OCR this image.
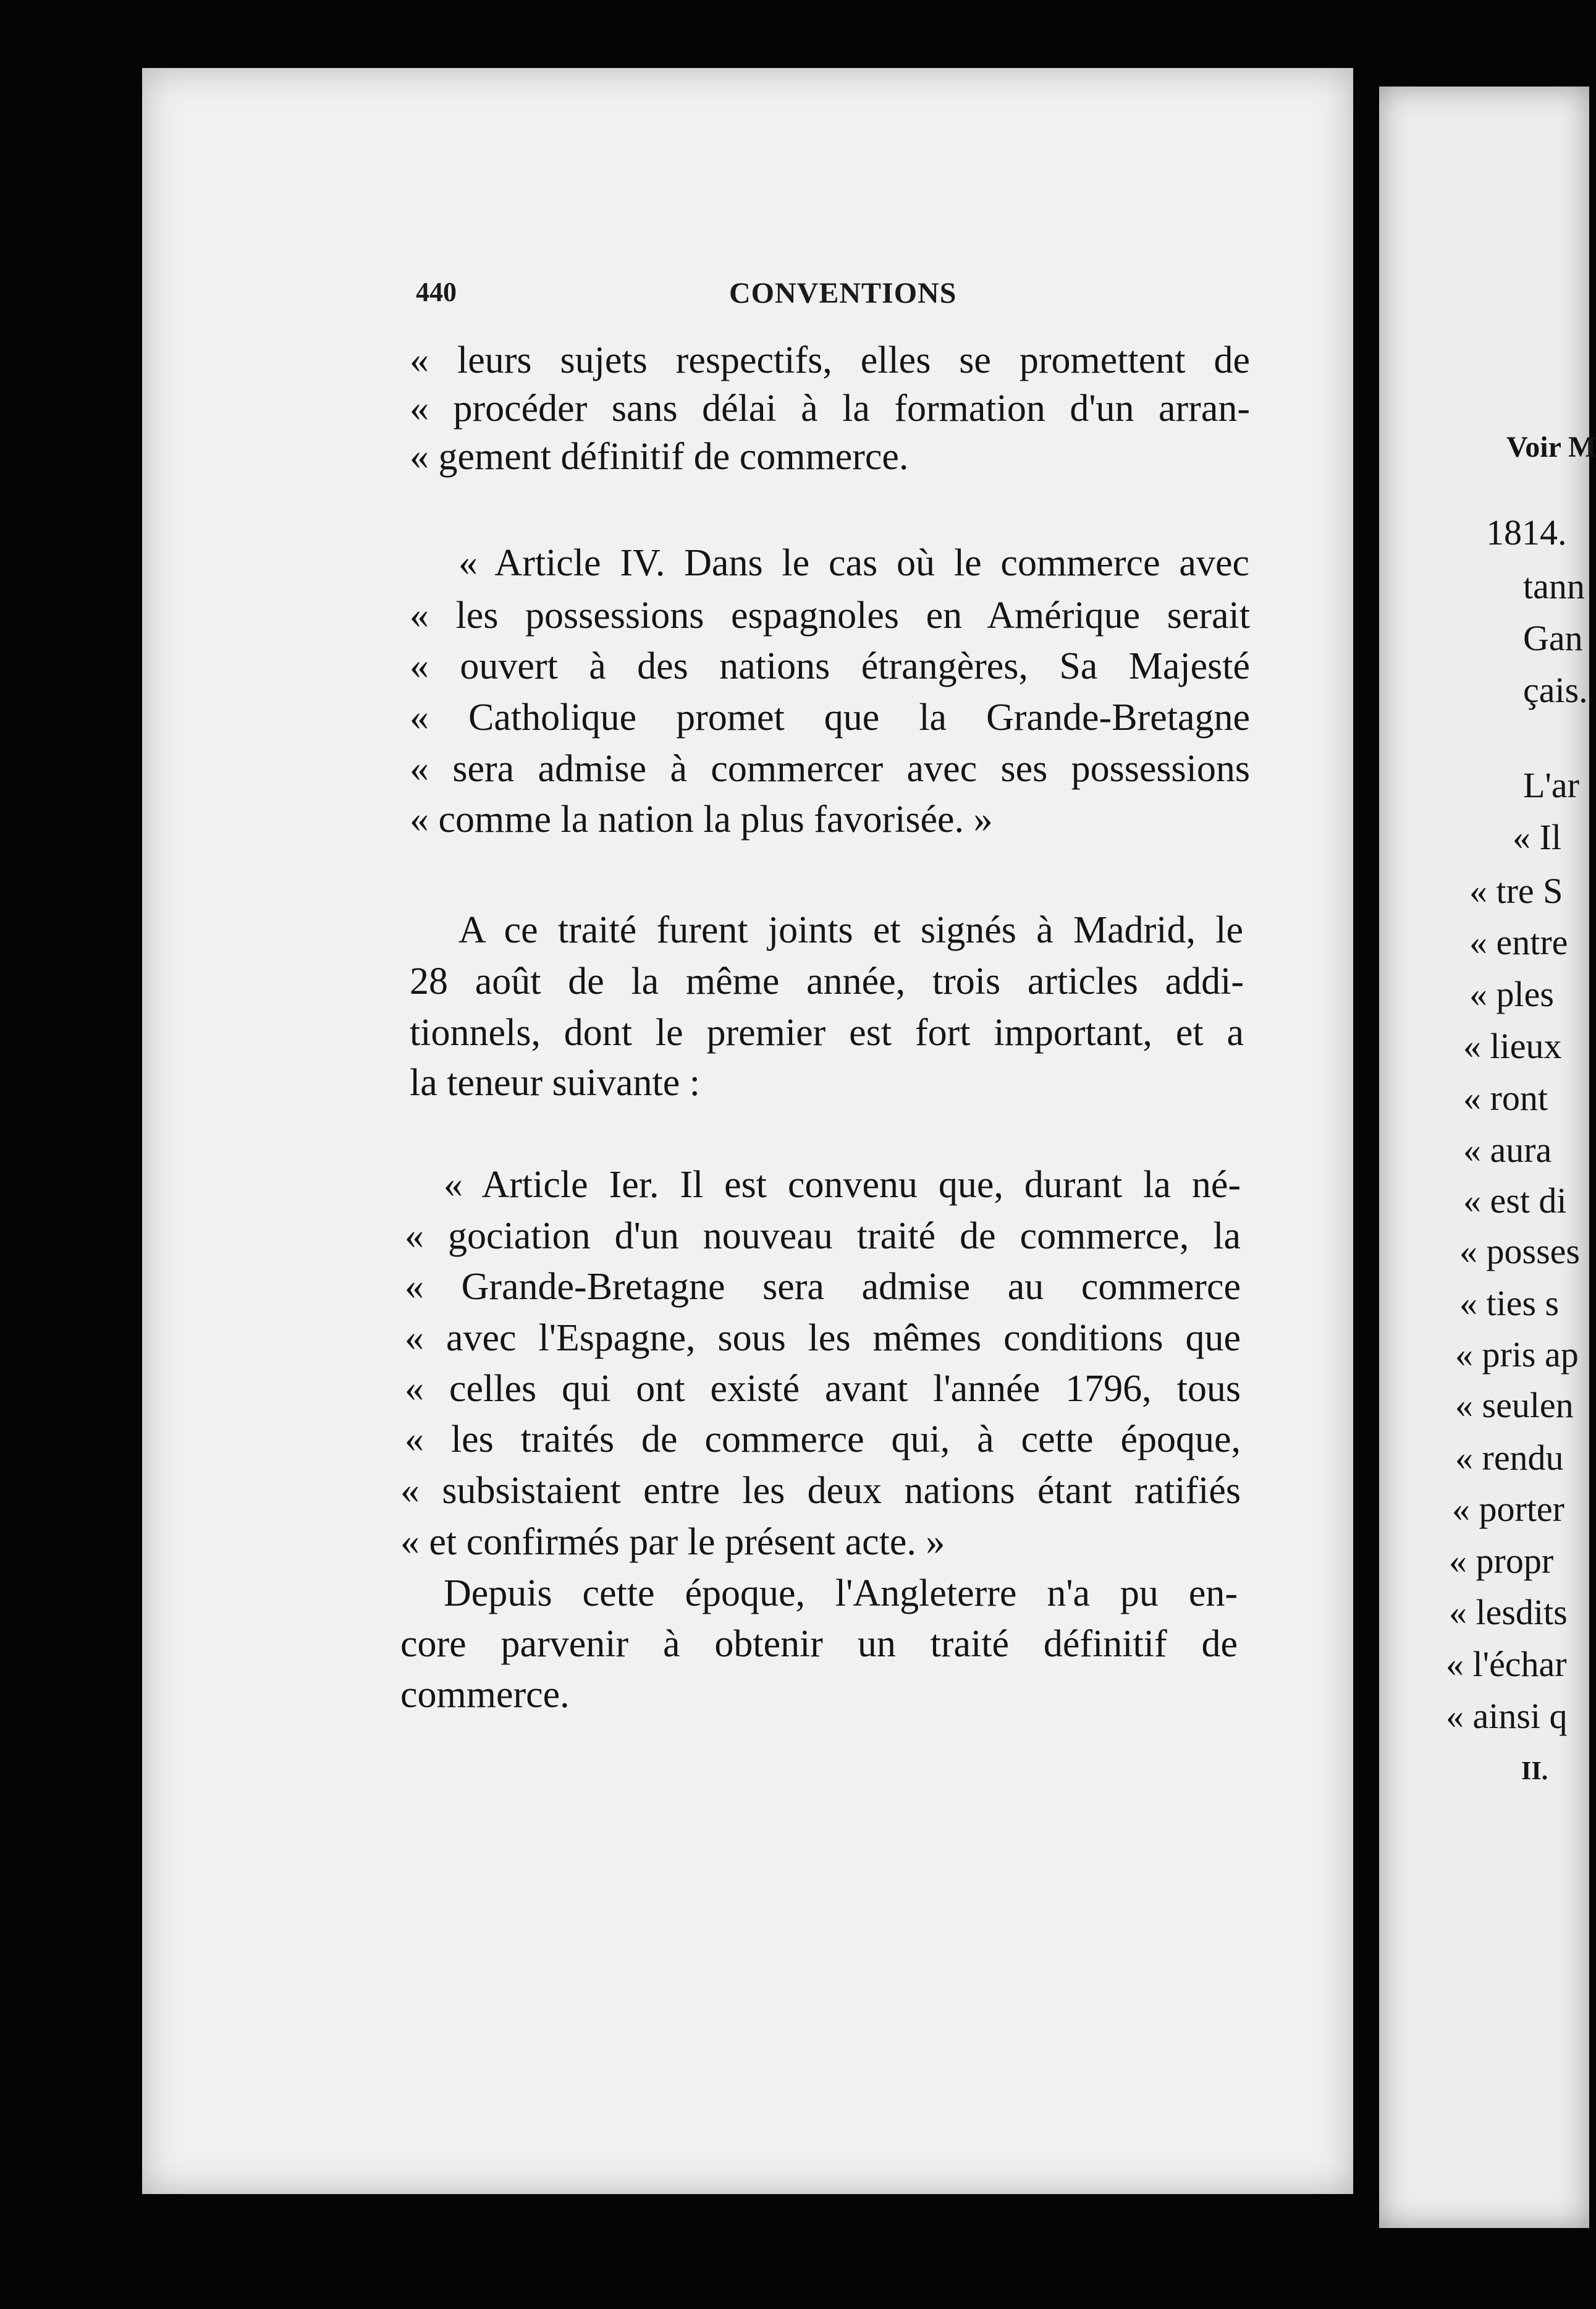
440	CONVENTIONS
« leurs sujets respectifs, elles se promettent de
« procéder sans délai à la formation d'un arran-
« gement définitif de commerce.
« Article IV. Dans le cas où le commerce avec
« les possessions espagnoles en Amérique serait
« ouvert à des nations étrangères, Sa Majesté
« Catholique promet que la Grande-Bretagne
« sera admise à commercer avec ses possessions
« comme la nation la plus favorisée. »
A ce traité furent joints et signés à Madrid, le
28 août de la même année, trois articles addi-
tionnels, dont le premier est fort important, et a
la teneur suivante :
« Article Ier. Il est convenu que, durant la né-
« gociation d'un nouveau traité de commerce, la
« Grande-Bretagne sera admise au commerce
« avec l'Espagne, sous les mêmes conditions que
« celles qui ont existé avant l'année 1796, tous
« les traités de commerce qui, à cette époque,
« subsistaient entre les deux nations étant ratifiés
« et confirmés par le présent acte. »
Depuis cette époque, l'Angleterre n'a pu en-
core parvenir à obtenir un traité définitif de
commerce.
Voir M
1814.
tann
Gan
çais.
L'ar
« Il
« tre S
« entre
« ples
« lieux
« ront
« aura
« est di
« posses
« ties s
« pris ap
« seulen
« rendu
« porter
« propr
« lesdits
« l'échar
« ainsi q
II.
